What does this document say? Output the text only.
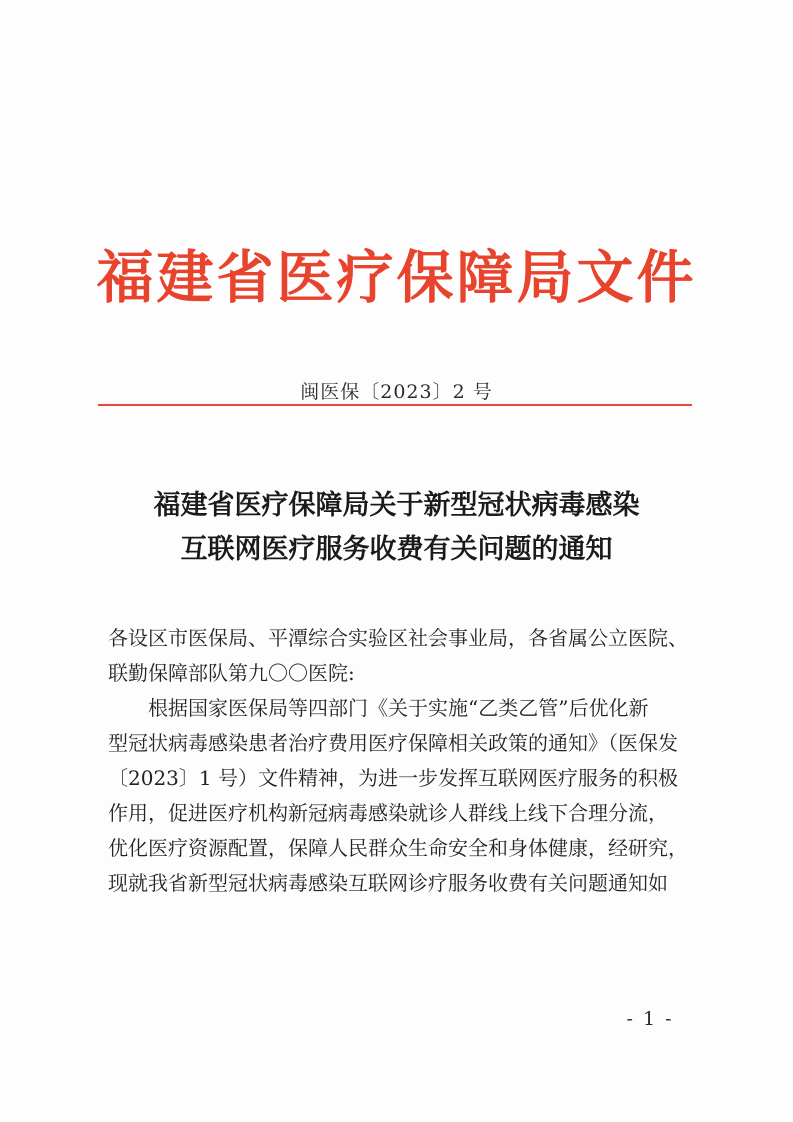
福建省医疗保障局文件
闽医保〔2023〕2 号
福建省医疗保障局关于新型冠状病毒感染
互联网医疗服务收费有关问题的通知
各设区市医保局、平潭综合实验区社会事业局，各省属公立医院、
联勤保障部队第九〇〇医院:
根据国家医保局等四部门《关于实施“乙类乙管”后优化新
型冠状病毒感染患者治疗费用医疗保障相关政策的通知》（医保发
〔2023〕1 号）文件精神，为进一步发挥互联网医疗服务的积极
作用，促进医疗机构新冠病毒感染就诊人群线上线下合理分流，
优化医疗资源配置，保障人民群众生命安全和身体健康，经研究，
现就我省新型冠状病毒感染互联网诊疗服务收费有关问题通知如
- 1 -
